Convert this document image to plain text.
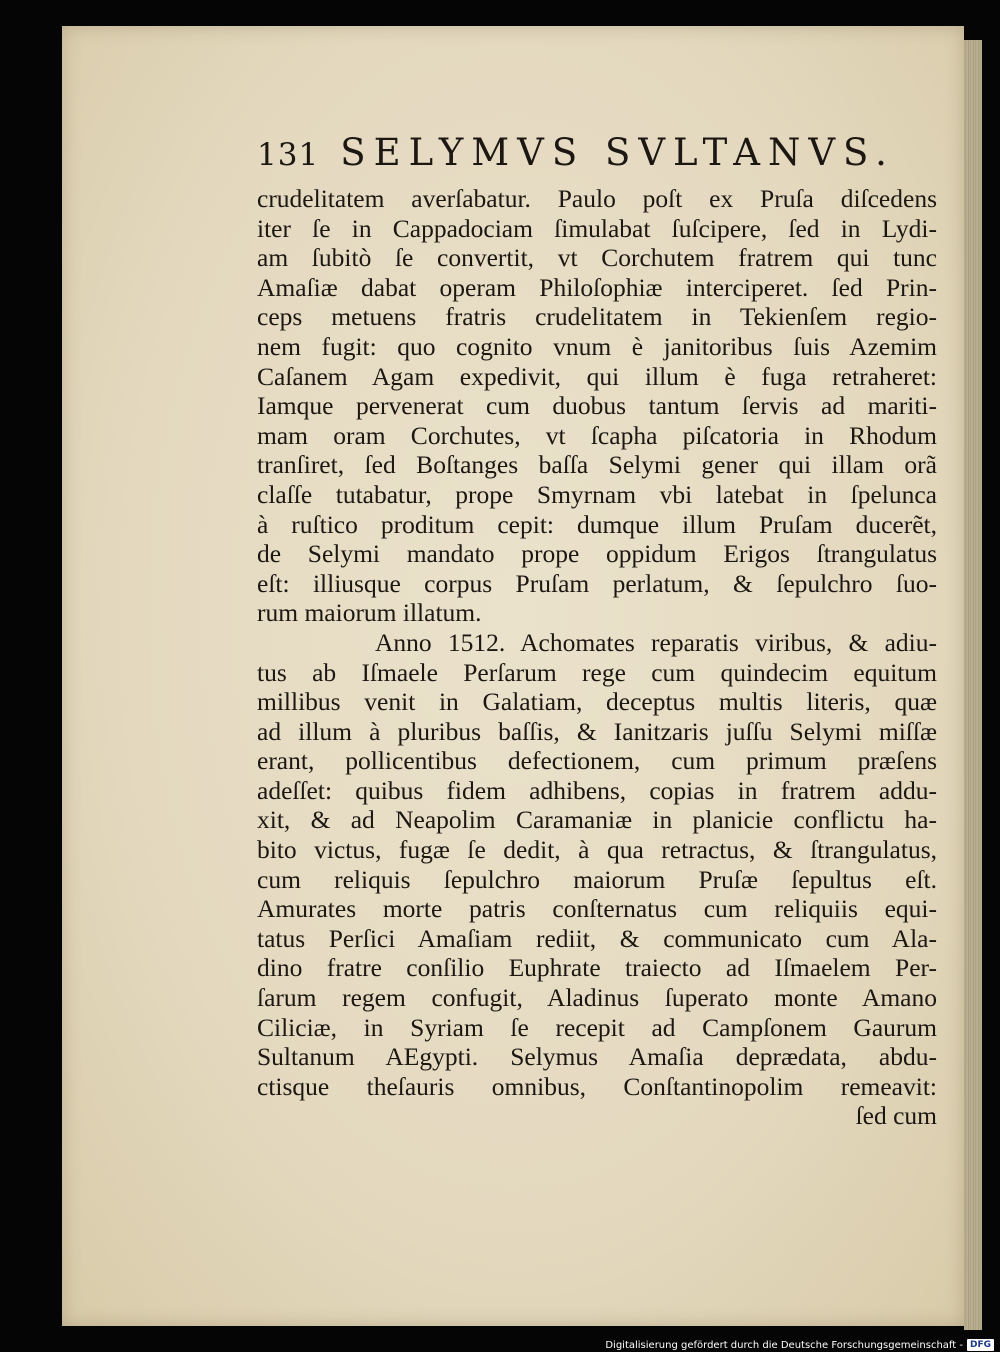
131 SELYMVS SVLTANVS.
crudelitatem averſabatur. Paulo poſt ex Pruſa diſcedens
iter ſe in Cappadociam ſimulabat ſuſcipere, ſed in Lydi-
am ſubitò ſe convertit, vt Corchutem fratrem qui tunc
Amaſiæ dabat operam Philoſophiæ interciperet. ſed Prin-
ceps metuens fratris crudelitatem in Tekienſem regio-
nem fugit: quo cognito vnum è janitoribus ſuis Azemim
Caſanem Agam expedivit, qui illum è fuga retraheret:
Iamque pervenerat cum duobus tantum ſervis ad mariti-
mam oram Corchutes, vt ſcapha piſcatoria in Rhodum
tranſiret, ſed Boſtanges baſſa Selymi gener qui illam orã
claſſe tutabatur, prope Smyrnam vbi latebat in ſpelunca
à ruſtico proditum cepit: dumque illum Pruſam ducerẽt,
de Selymi mandato prope oppidum Erigos ſtrangulatus
eſt: illiusque corpus Pruſam perlatum, & ſepulchro ſuo-
rum maiorum illatum.
Anno 1512. Achomates reparatis viribus, & adiu-
tus ab Iſmaele Perſarum rege cum quindecim equitum
millibus venit in Galatiam, deceptus multis literis, quæ
ad illum à pluribus baſſis, & Ianitzaris juſſu Selymi miſſæ
erant, pollicentibus defectionem, cum primum præſens
adeſſet: quibus fidem adhibens, copias in fratrem addu-
xit, & ad Neapolim Caramaniæ in planicie conflictu ha-
bito victus, fugæ ſe dedit, à qua retractus, & ſtrangulatus,
cum reliquis ſepulchro maiorum Pruſæ ſepultus eſt.
Amurates morte patris conſternatus cum reliquiis equi-
tatus Perſici Amaſiam rediit, & communicato cum Ala-
dino fratre conſilio Euphrate traiecto ad Iſmaelem Per-
ſarum regem confugit, Aladinus ſuperato monte Amano
Ciliciæ, in Syriam ſe recepit ad Campſonem Gaurum
Sultanum AEgypti. Selymus Amaſia deprædata, abdu-
ctisque theſauris omnibus, Conſtantinopolim remeavit:
ſed cum
Digitalisierung gefördert durch die Deutsche Forschungsgemeinschaft - DFG
